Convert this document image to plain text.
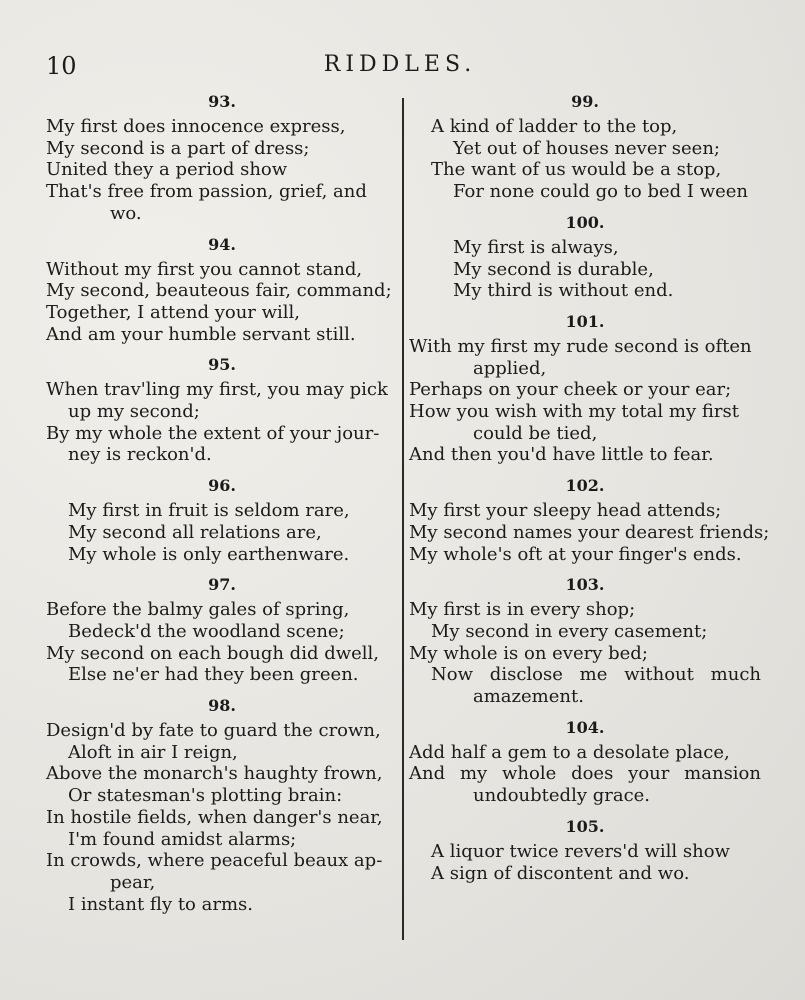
10	RIDDLES.
93.
My first does innocence express,
My second is a part of dress;
United they a period show
That's free from passion, grief, and
wo.
94.
Without my first you cannot stand,
My second, beauteous fair, command;
Together, I attend your will,
And am your humble servant still.
95.
When trav'ling my first, you may pick
up my second;
By my whole the extent of your jour-
ney is reckon'd.
96.
My first in fruit is seldom rare,
My second all relations are,
My whole is only earthenware.
97.
Before the balmy gales of spring,
Bedeck'd the woodland scene;
My second on each bough did dwell,
Else ne'er had they been green.
98.
Design'd by fate to guard the crown,
Aloft in air I reign,
Above the monarch's haughty frown,
Or statesman's plotting brain:
In hostile fields, when danger's near,
I'm found amidst alarms;
In crowds, where peaceful beaux ap-
pear,
I instant fly to arms.
99.
A kind of ladder to the top,
Yet out of houses never seen;
The want of us would be a stop,
For none could go to bed I ween
100.
My first is always,
My second is durable,
My third is without end.
101.
With my first my rude second is often
applied,
Perhaps on your cheek or your ear;
How you wish with my total my first
could be tied,
And then you'd have little to fear.
102.
My first your sleepy head attends;
My second names your dearest friends;
My whole's oft at your finger's ends.
103.
My first is in every shop;
My second in every casement;
My whole is on every bed;
Now disclose me without much
amazement.
104.
Add half a gem to a desolate place,
And my whole does your mansion
undoubtedly grace.
105.
A liquor twice revers'd will show
A sign of discontent and wo.
